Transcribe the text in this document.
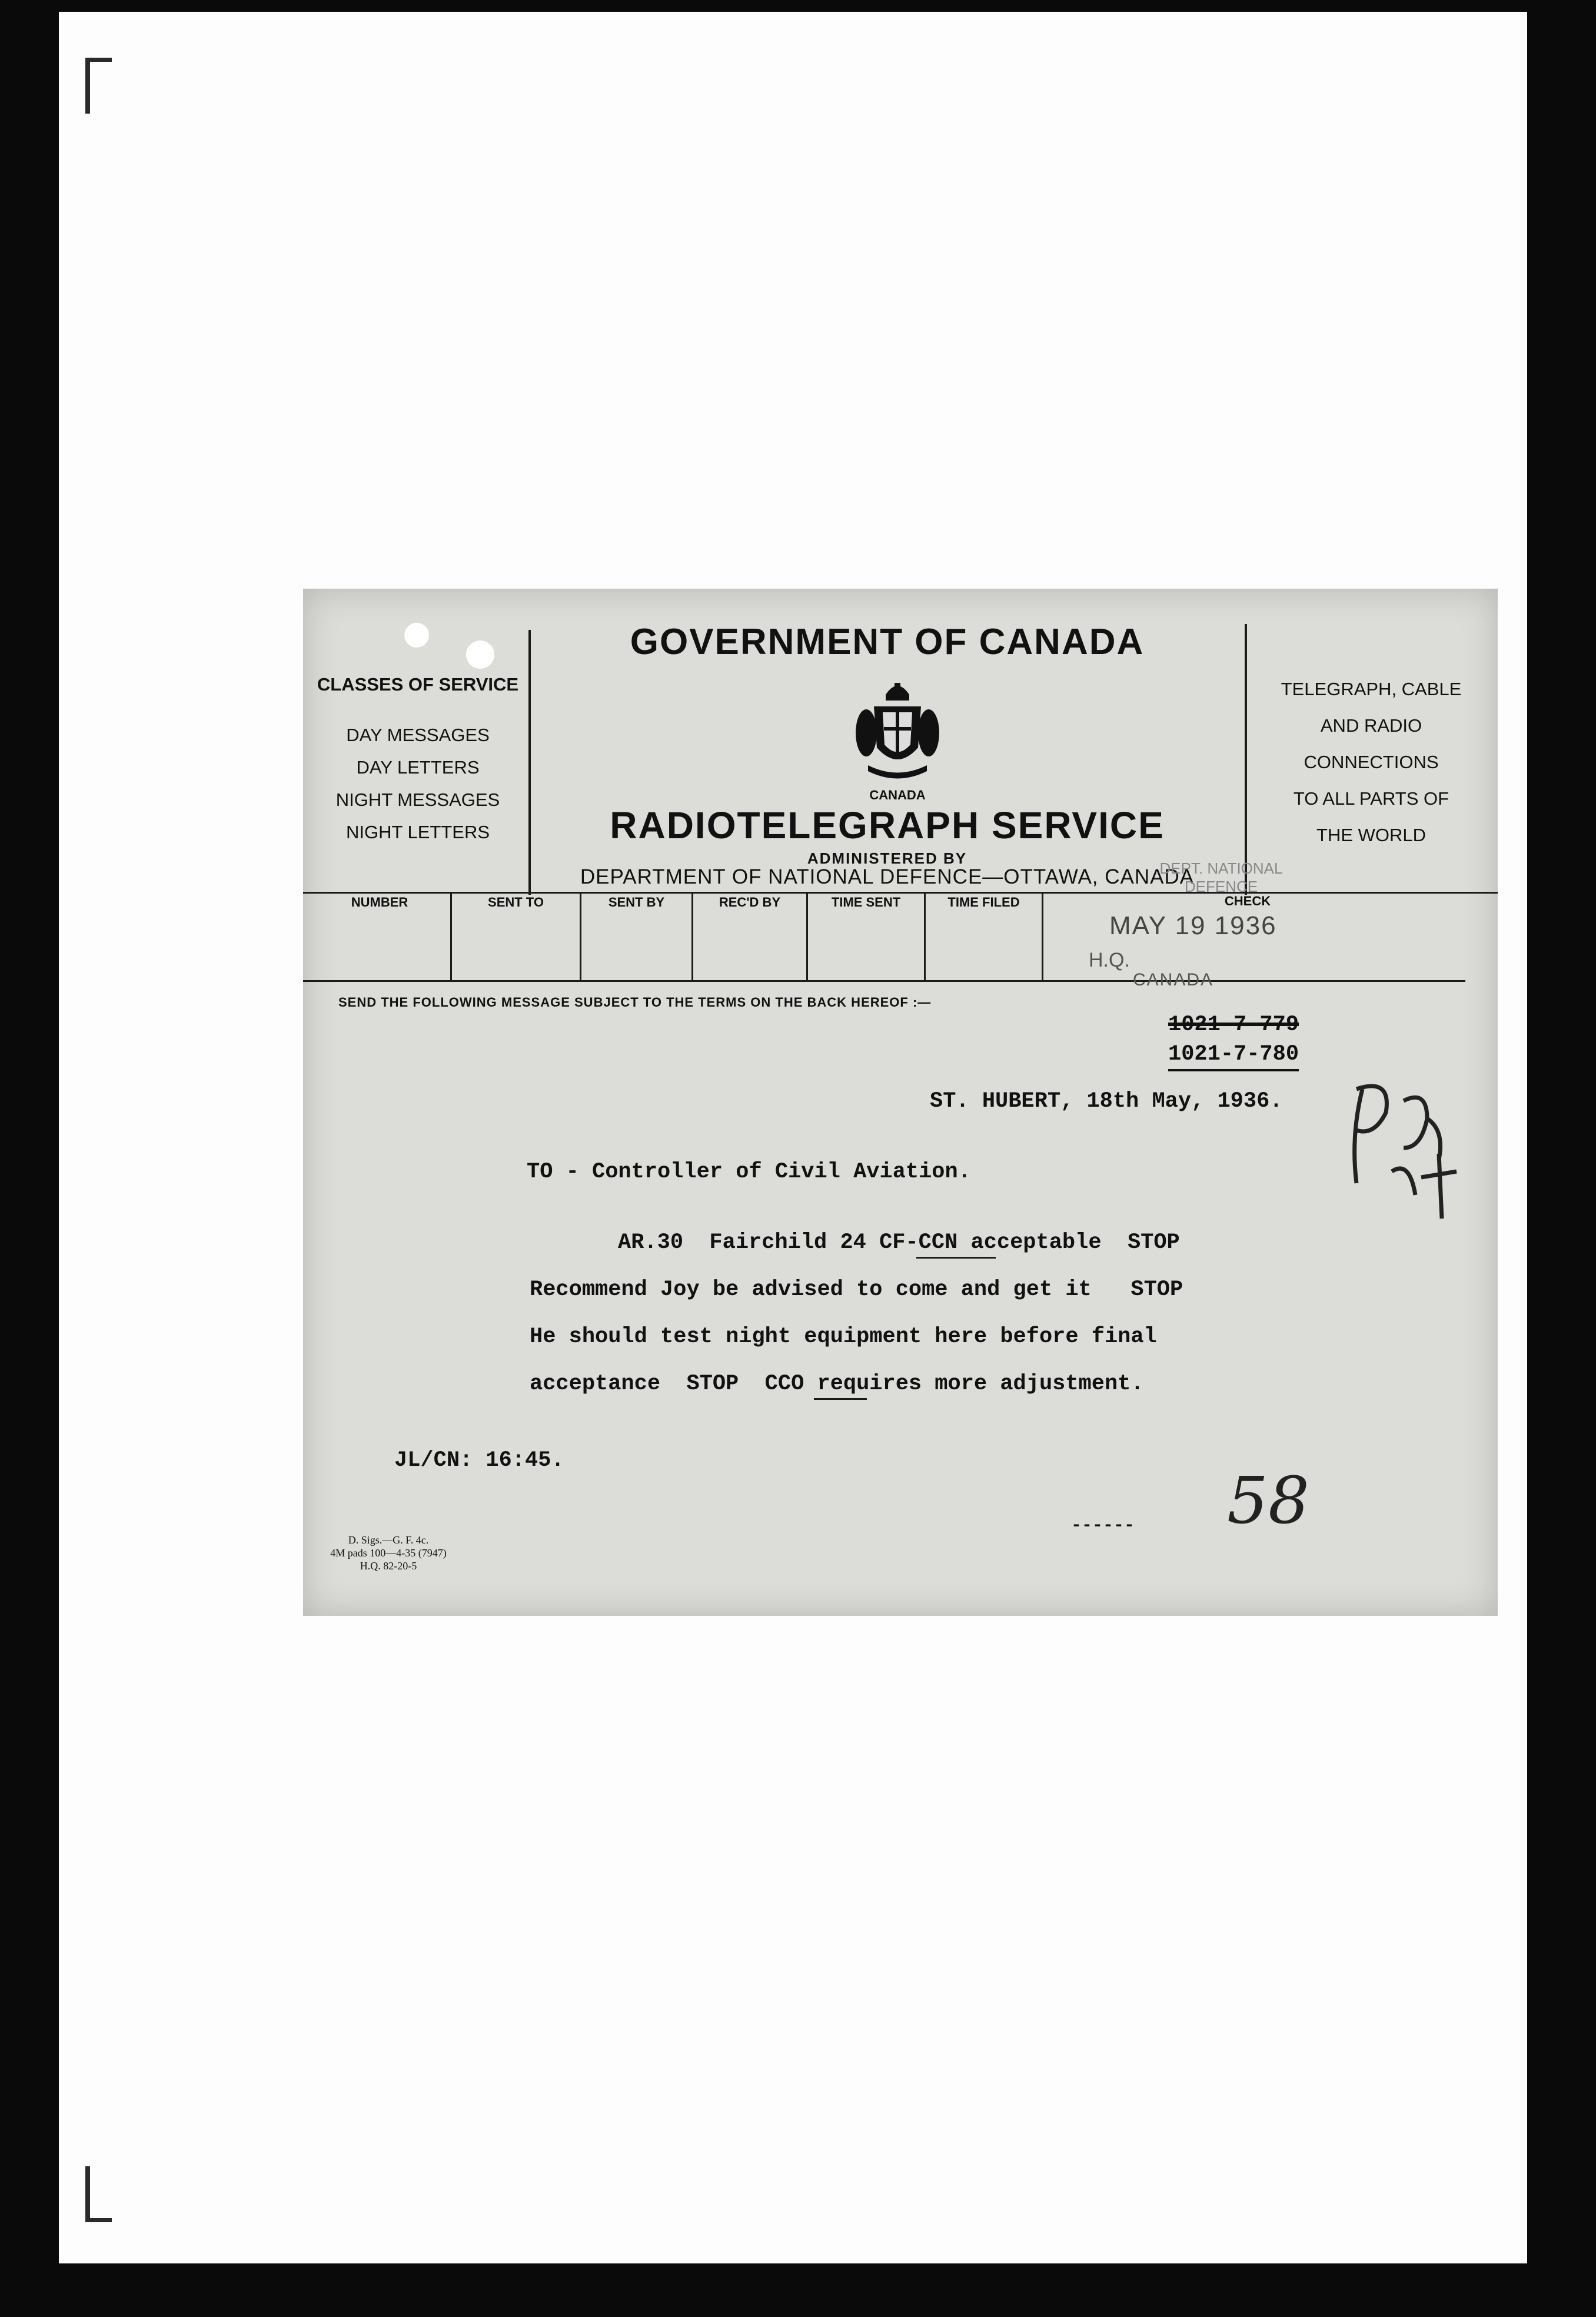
CLASSES OF SERVICE
DAY MESSAGES
DAY LETTERS
NIGHT MESSAGES
NIGHT LETTERS
GOVERNMENT OF CANADA
CANADA
RADIOTELEGRAPH SERVICE
ADMINISTERED BY
DEPARTMENT OF NATIONAL DEFENCE—OTTAWA, CANADA
TELEGRAPH, CABLE
AND RADIO
CONNECTIONS
TO ALL PARTS OF
THE WORLD
NUMBER	SENT TO	SENT BY	REC'D BY	TIME SENT	TIME FILED	CHECK
DEPT. NATIONAL DEFENCE
MAY 19 1936
H.Q.
CANADA
SEND THE FOLLOWING MESSAGE SUBJECT TO THE TERMS ON THE BACK HEREOF :—
1021-7-779
1021-7-780
ST. HUBERT, 18th May, 1936.
TO - Controller of Civil Aviation.
AR.30  Fairchild 24 CF-CCN acceptable  STOP
Recommend Joy be advised to come and get it   STOP
He should test night equipment here before final
acceptance  STOP  CCO requires more adjustment.
JL/CN: 16:45.
------
D. Sigs.—G. F. 4c.
4M pads 100—4-35 (7947)
H.Q. 82-20-5
58
